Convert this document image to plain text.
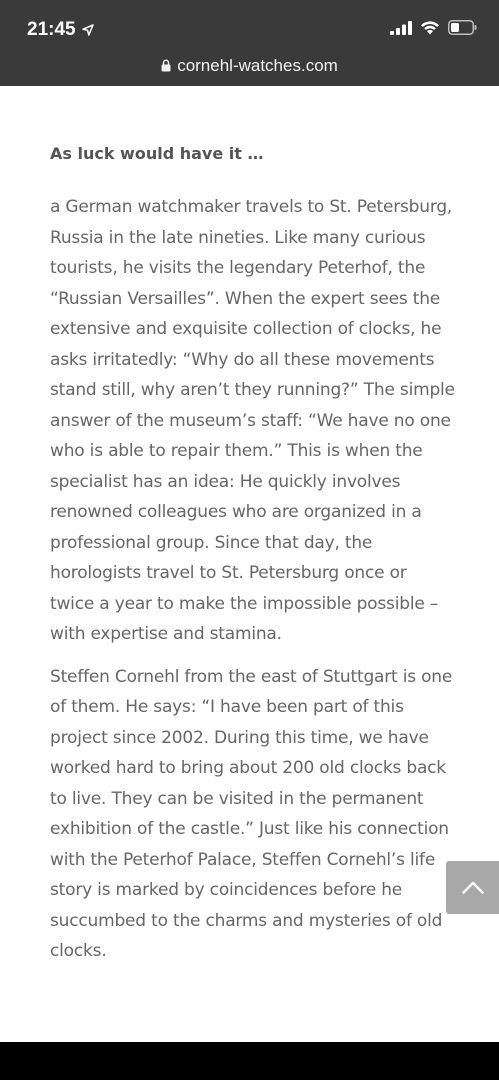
21:45
cornehl-watches.com

As luck would have it …

a German watchmaker travels to St. Petersburg, Russia in the late nineties. Like many curious tourists, he visits the legendary Peterhof, the “Russian Versailles”. When the expert sees the extensive and exquisite collection of clocks, he asks irritatedly: “Why do all these movements stand still, why aren’t they running?” The simple answer of the museum’s staff: “We have no one who is able to repair them.” This is when the specialist has an idea: He quickly involves renowned colleagues who are organized in a professional group. Since that day, the horologists travel to St. Petersburg once or twice a year to make the impossible possible – with expertise and stamina.

Steffen Cornehl from the east of Stuttgart is one of them. He says: “I have been part of this project since 2002. During this time, we have worked hard to bring about 200 old clocks back to live. They can be visited in the permanent exhibition of the castle.” Just like his connection with the Peterhof Palace, Steffen Cornehl’s life story is marked by coincidences before he succumbed to the charms and mysteries of old clocks.
